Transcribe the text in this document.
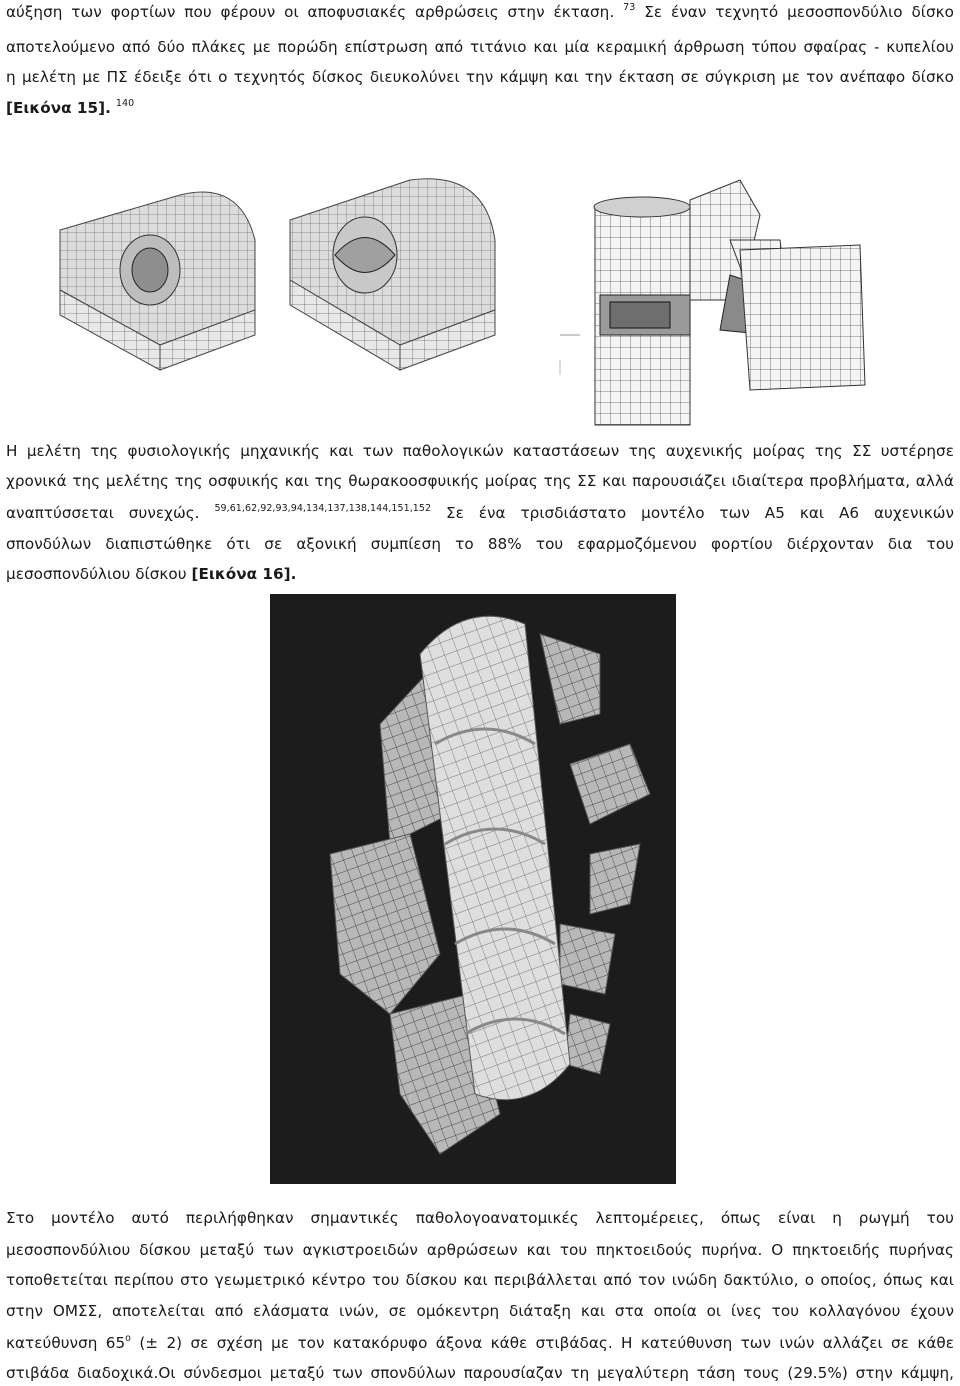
αύξηση των φορτίων που φέρουν οι αποφυσιακές αρθρώσεις στην έκταση. $^{73}$ Σε έναν τεχνητό μεσοσπονδύλιο δίσκο
αποτελούμενο από δύο πλάκες με πορώδη επίστρωση από τιτάνιο και μία κεραμική άρθρωση τύπου σφαίρας - κυπελίου
η μελέτη με ΠΣ έδειξε ότι ο τεχνητός δίσκος διευκολύνει την κάμψη και την έκταση σε σύγκριση με τον ανέπαφο δίσκο
[Εικόνα 15]. $^{140}$
Η μελέτη της φυσιολογικής μηχανικής και των παθολογικών καταστάσεων της αυχενικής μοίρας της ΣΣ υστέρησε
χρονικά της μελέτης της οσφυικής και της θωρακοοσφυικής μοίρας της ΣΣ και παρουσιάζει ιδιαίτερα προβλήματα, αλλά
αναπτύσσεται συνεχώς. $^{59,61,62,92,93,94,134,137,138,144,151,152}$ Σε ένα τρισδιάστατο μοντέλο των Α5 και Α6 αυχενικών
σπονδύλων διαπιστώθηκε ότι σε αξονική συμπίεση το 88% του εφαρμοζόμενου φορτίου διέρχονταν δια του
μεσοσπονδύλιου δίσκου [Εικόνα 16].
Στο μοντέλο αυτό περιλήφθηκαν σημαντικές παθολογοανατομικές λεπτομέρειες, όπως είναι η ρωγμή του
μεσοσπονδύλιου δίσκου μεταξύ των αγκιστροειδών αρθρώσεων και του πηκτοειδούς πυρήνα. Ο πηκτοειδής πυρήνας
τοποθετείται περίπου στο γεωμετρικό κέντρο του δίσκου και περιβάλλεται από τον ινώδη δακτύλιο, ο οποίος, όπως και
στην ΟΜΣΣ, αποτελείται από ελάσματα ινών, σε ομόκεντρη διάταξη και στα οποία οι ίνες του κολλαγόνου έχουν
κατεύθυνση 65$^o$ (± 2) σε σχέση με τον κατακόρυφο άξονα κάθε στιβάδας. Η κατεύθυνση των ινών αλλάζει σε κάθε
στιβάδα διαδοχικά.Οι σύνδεσμοι μεταξύ των σπονδύλων παρουσίαζαν τη μεγαλύτερη τάση τους (29.5%) στην κάμψη,
